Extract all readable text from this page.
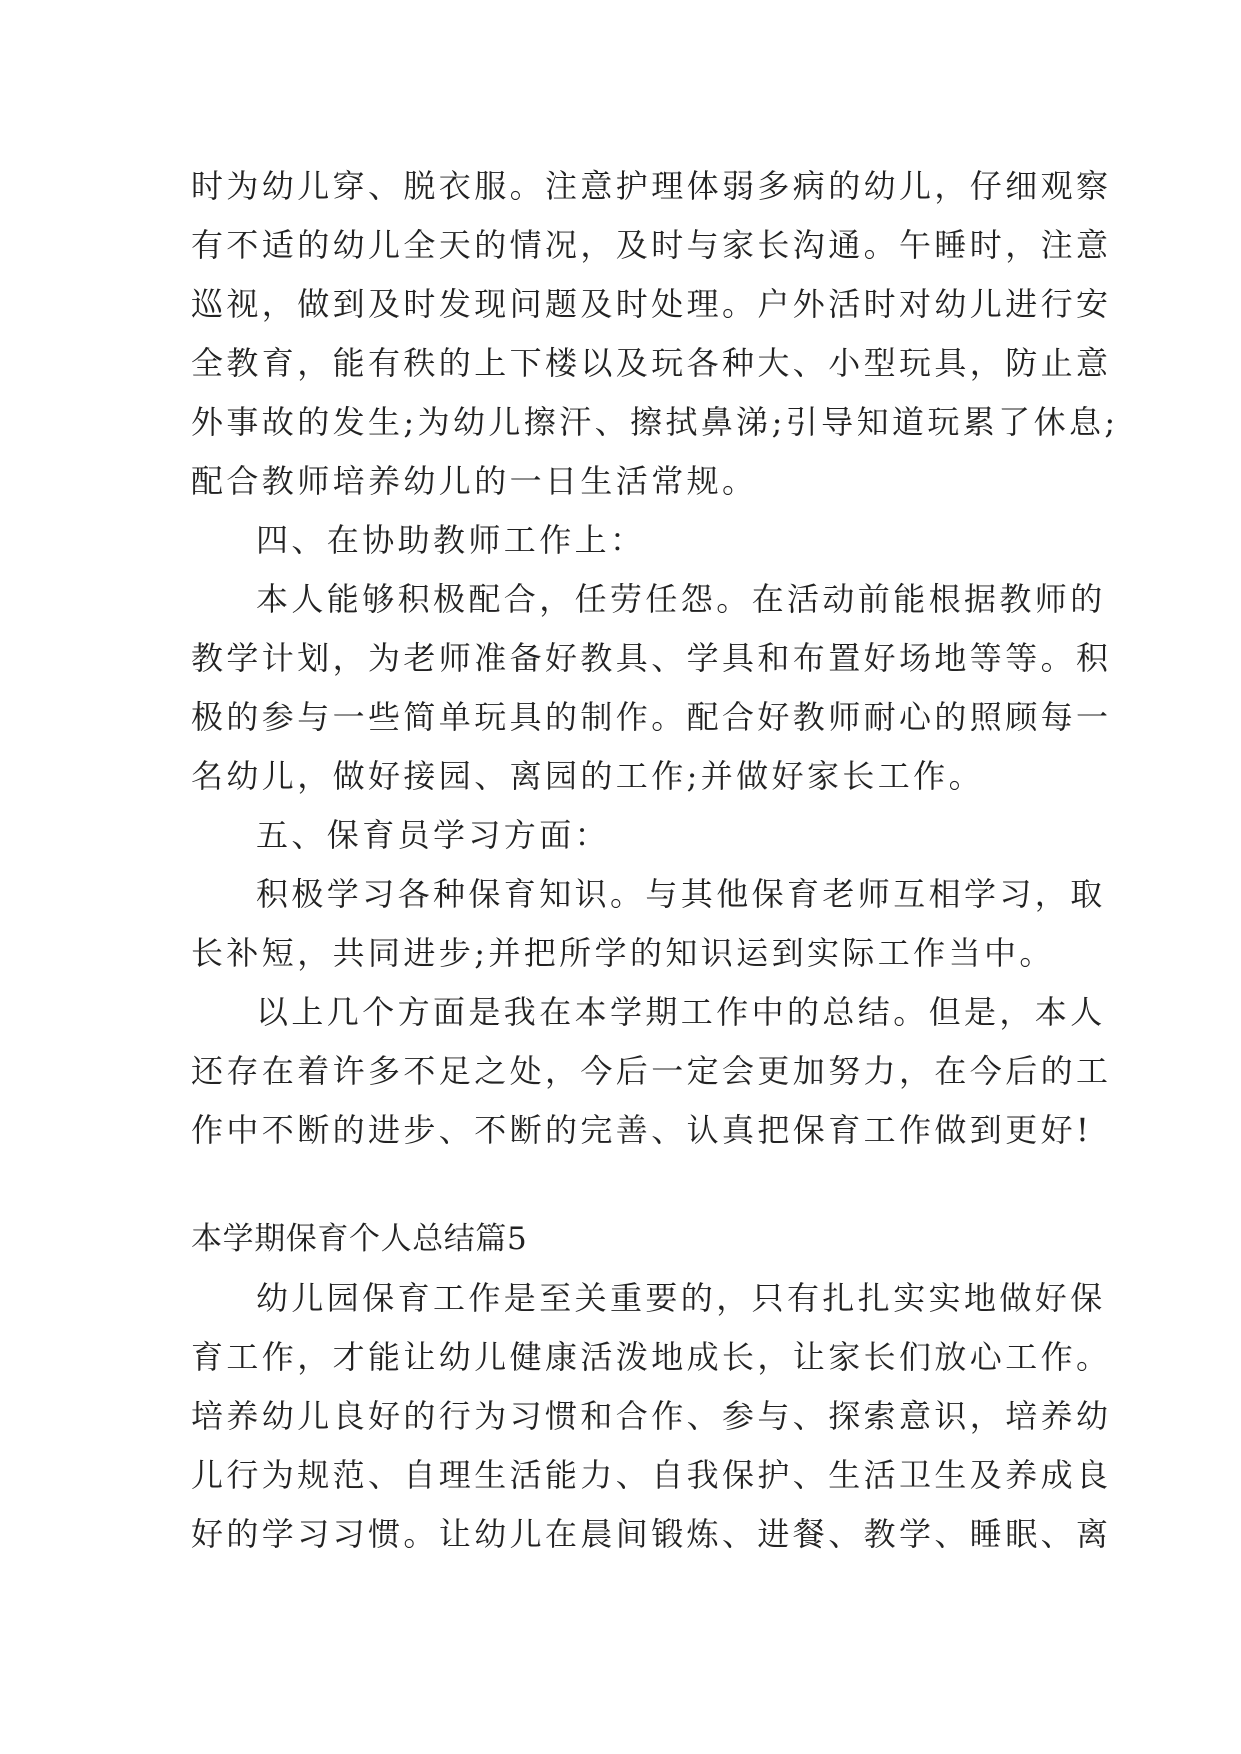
时为幼儿穿、脱衣服。注意护理体弱多病的幼儿，仔细观察
有不适的幼儿全天的情况，及时与家长沟通。午睡时，注意
巡视，做到及时发现问题及时处理。户外活时对幼儿进行安
全教育，能有秩的上下楼以及玩各种大、小型玩具，防止意
外事故的发生;为幼儿擦汗、擦拭鼻涕;引导知道玩累了休息;
配合教师培养幼儿的一日生活常规。
四、在协助教师工作上：
本人能够积极配合，任劳任怨。在活动前能根据教师的
教学计划，为老师准备好教具、学具和布置好场地等等。积
极的参与一些简单玩具的制作。配合好教师耐心的照顾每一
名幼儿，做好接园、离园的工作;并做好家长工作。
五、保育员学习方面：
积极学习各种保育知识。与其他保育老师互相学习，取
长补短，共同进步;并把所学的知识运到实际工作当中。
以上几个方面是我在本学期工作中的总结。但是，本人
还存在着许多不足之处，今后一定会更加努力，在今后的工
作中不断的进步、不断的完善、认真把保育工作做到更好!
本学期保育个人总结篇5
幼儿园保育工作是至关重要的，只有扎扎实实地做好保
育工作，才能让幼儿健康活泼地成长，让家长们放心工作。
培养幼儿良好的行为习惯和合作、参与、探索意识，培养幼
儿行为规范、自理生活能力、自我保护、生活卫生及养成良
好的学习习惯。让幼儿在晨间锻炼、进餐、教学、睡眠、离
